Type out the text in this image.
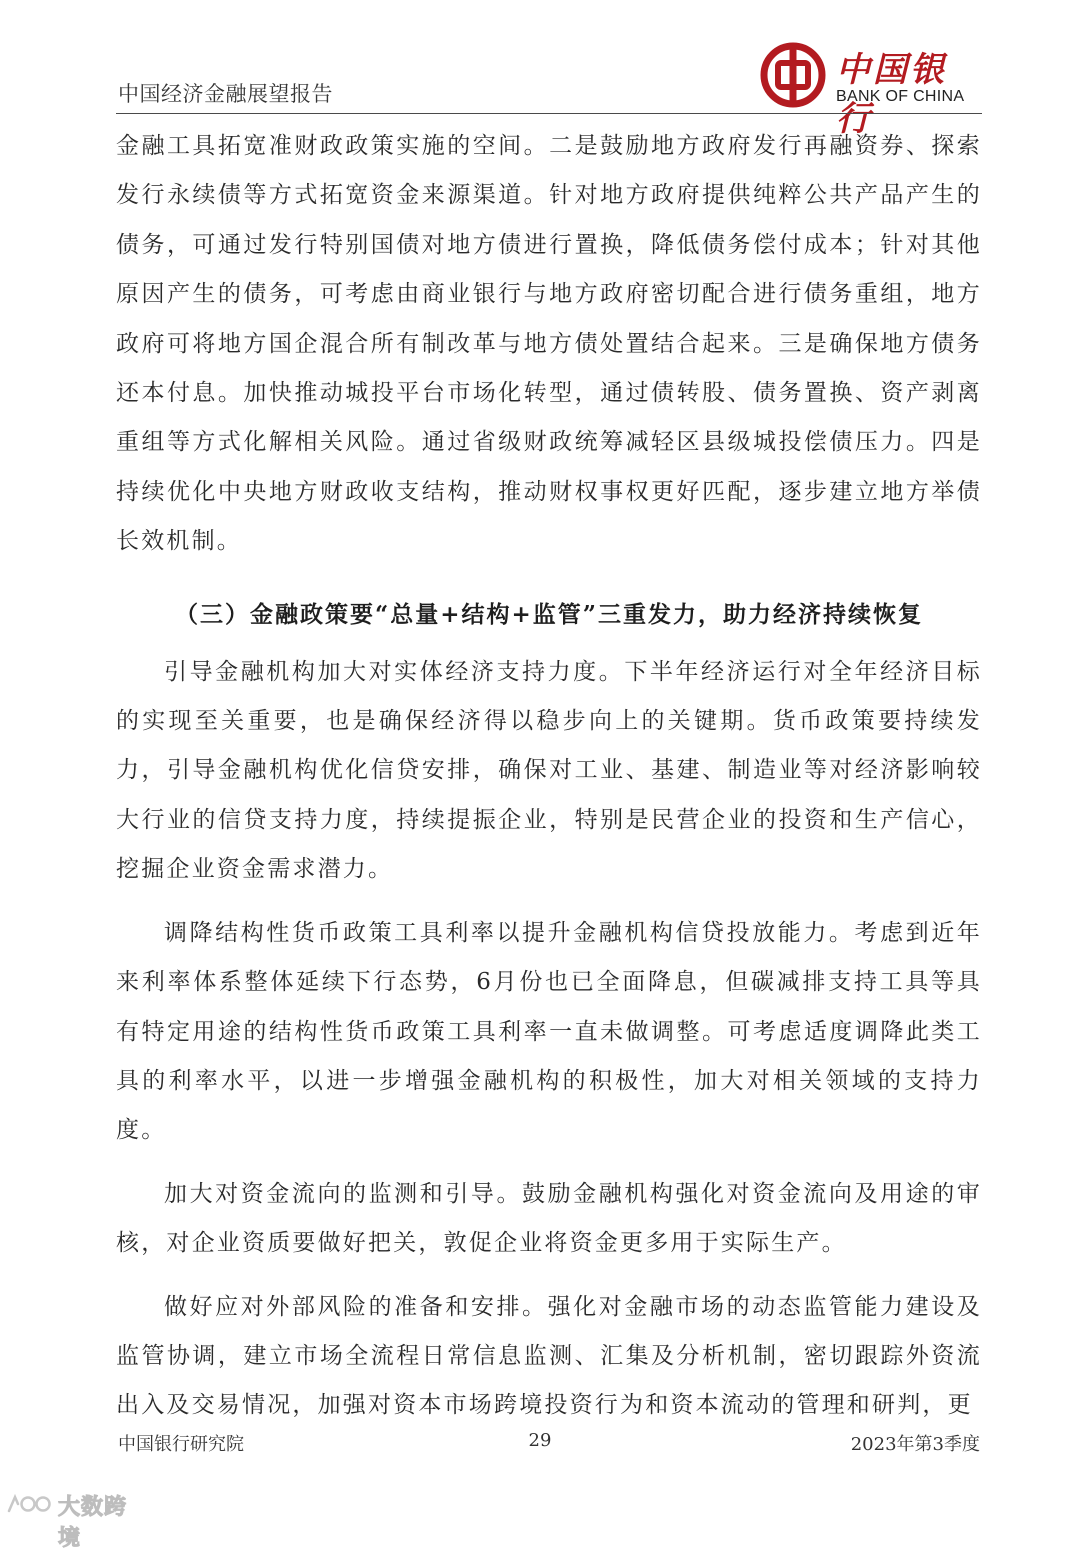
中国经济金融展望报告
中国银行
BANK OF CHINA

金融工具拓宽准财政政策实施的空间。二是鼓励地方政府发行再融资券、探索发行永续债等方式拓宽资金来源渠道。针对地方政府提供纯粹公共产品产生的债务，可通过发行特别国债对地方债进行置换，降低债务偿付成本；针对其他原因产生的债务，可考虑由商业银行与地方政府密切配合进行债务重组，地方政府可将地方国企混合所有制改革与地方债处置结合起来。三是确保地方债务还本付息。加快推动城投平台市场化转型，通过债转股、债务置换、资产剥离重组等方式化解相关风险。通过省级财政统筹减轻区县级城投偿债压力。四是持续优化中央地方财政收支结构，推动财权事权更好匹配，逐步建立地方举债长效机制。

（三）金融政策要“总量+结构+监管”三重发力，助力经济持续恢复

引导金融机构加大对实体经济支持力度。下半年经济运行对全年经济目标的实现至关重要，也是确保经济得以稳步向上的关键期。货币政策要持续发力，引导金融机构优化信贷安排，确保对工业、基建、制造业等对经济影响较大行业的信贷支持力度，持续提振企业，特别是民营企业的投资和生产信心，挖掘企业资金需求潜力。

调降结构性货币政策工具利率以提升金融机构信贷投放能力。考虑到近年来利率体系整体延续下行态势，6月份也已全面降息，但碳减排支持工具等具有特定用途的结构性货币政策工具利率一直未做调整。可考虑适度调降此类工具的利率水平，以进一步增强金融机构的积极性，加大对相关领域的支持力度。

加大对资金流向的监测和引导。鼓励金融机构强化对资金流向及用途的审核，对企业资质要做好把关，敦促企业将资金更多用于实际生产。

做好应对外部风险的准备和安排。强化对金融市场的动态监管能力建设及监管协调，建立市场全流程日常信息监测、汇集及分析机制，密切跟踪外资流出入及交易情况，加强对资本市场跨境投资行为和资本流动的管理和研判，更

中国银行研究院	29	2023年第3季度
大数跨境
